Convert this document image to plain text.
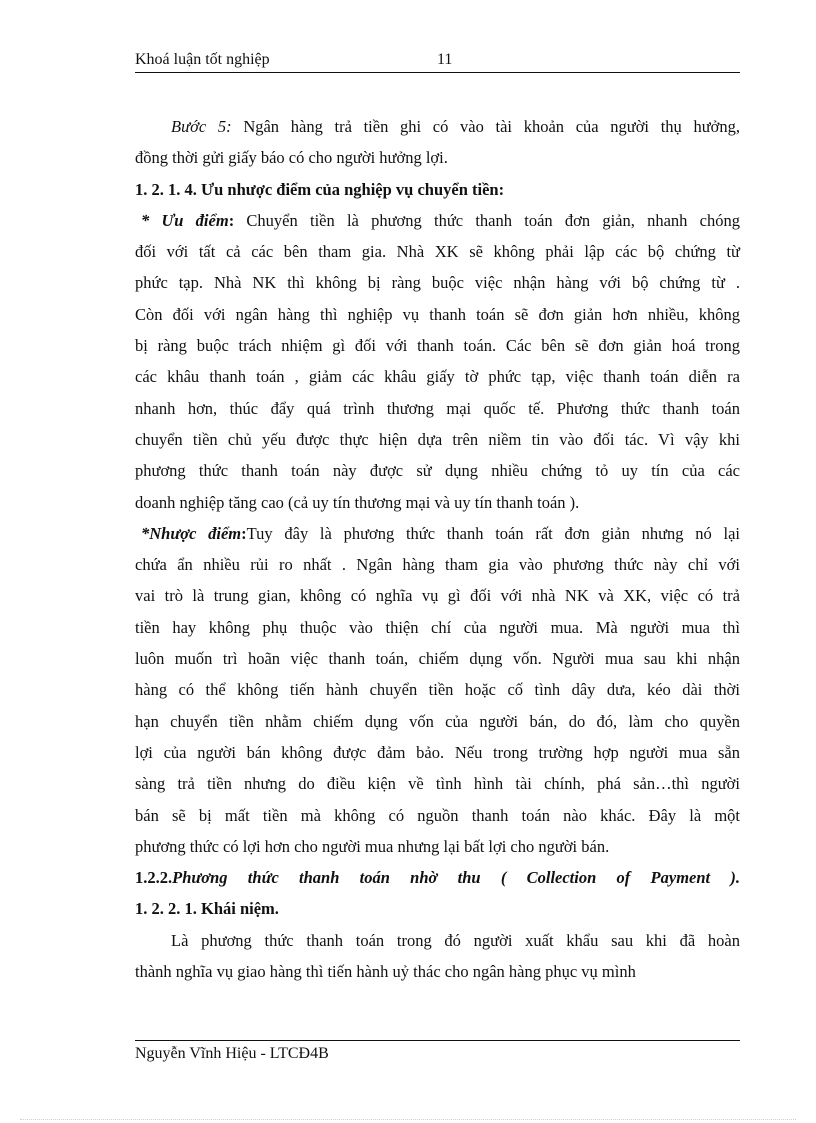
Khoá luận tốt nghiệp	11

Bước 5: Ngân hàng trả tiền ghi có vào tài khoản của người thụ hưởng,

đồng thời gửi giấy báo có cho người hưởng lợi.

1. 2. 1. 4. Ưu nhược điểm của nghiệp vụ chuyển tiền:

* Ưu điểm: Chuyển tiền là phương thức thanh toán đơn giản, nhanh chóng

đối với tất cả các bên tham gia. Nhà XK sẽ không phải lập các bộ chứng từ

phức tạp. Nhà NK thì không bị ràng buộc việc nhận hàng với bộ chứng từ .

Còn đối với ngân hàng thì nghiệp vụ thanh toán sẽ đơn giản hơn nhiều, không

bị ràng buộc trách nhiệm gì đối với thanh toán. Các bên sẽ đơn giản hoá trong

các khâu thanh toán , giảm các khâu giấy tờ phức tạp, việc thanh toán diễn ra

nhanh hơn, thúc đẩy quá trình thương mại quốc tế. Phương thức thanh toán

chuyển tiền chủ yếu được thực hiện dựa trên niềm tin vào đối tác. Vì vậy khi

phương thức thanh toán này được sử dụng nhiều chứng tỏ uy tín của các

doanh nghiệp tăng cao (cả uy tín thương mại và uy tín thanh toán ).

*Nhược điểm:Tuy đây là phương thức thanh toán rất đơn giản nhưng nó lại

chứa ẩn nhiều rủi ro nhất . Ngân hàng tham gia vào phương thức này chỉ với

vai trò là trung gian, không có nghĩa vụ gì đối với nhà NK và XK, việc có trả

tiền hay không phụ thuộc vào thiện chí của người mua. Mà người mua thì

luôn muốn trì hoãn việc thanh toán, chiếm dụng vốn. Người mua sau khi nhận

hàng có thể không tiến hành chuyển tiền hoặc cố tình dây dưa, kéo dài thời

hạn chuyển tiền nhằm chiếm dụng vốn của người bán, do đó, làm cho quyền

lợi của người bán không được đảm bảo. Nếu trong trường hợp người mua sẵn

sàng trả tiền nhưng do điều kiện về tình hình tài chính, phá sản…thì người

bán sẽ bị mất tiền mà không có nguồn thanh toán nào khác. Đây là một

phương thức có lợi hơn cho người mua nhưng lại bất lợi cho người bán.

1.2.2.Phương thức thanh toán nhờ thu ( Collection of Payment ).

1. 2. 2. 1. Khái niệm.

Là phương thức thanh toán trong đó người xuất khẩu sau khi đã hoàn

thành nghĩa vụ giao hàng thì tiến hành uỷ thác cho ngân hàng phục vụ mình

Nguyễn Vĩnh Hiệu - LTCĐ4B
